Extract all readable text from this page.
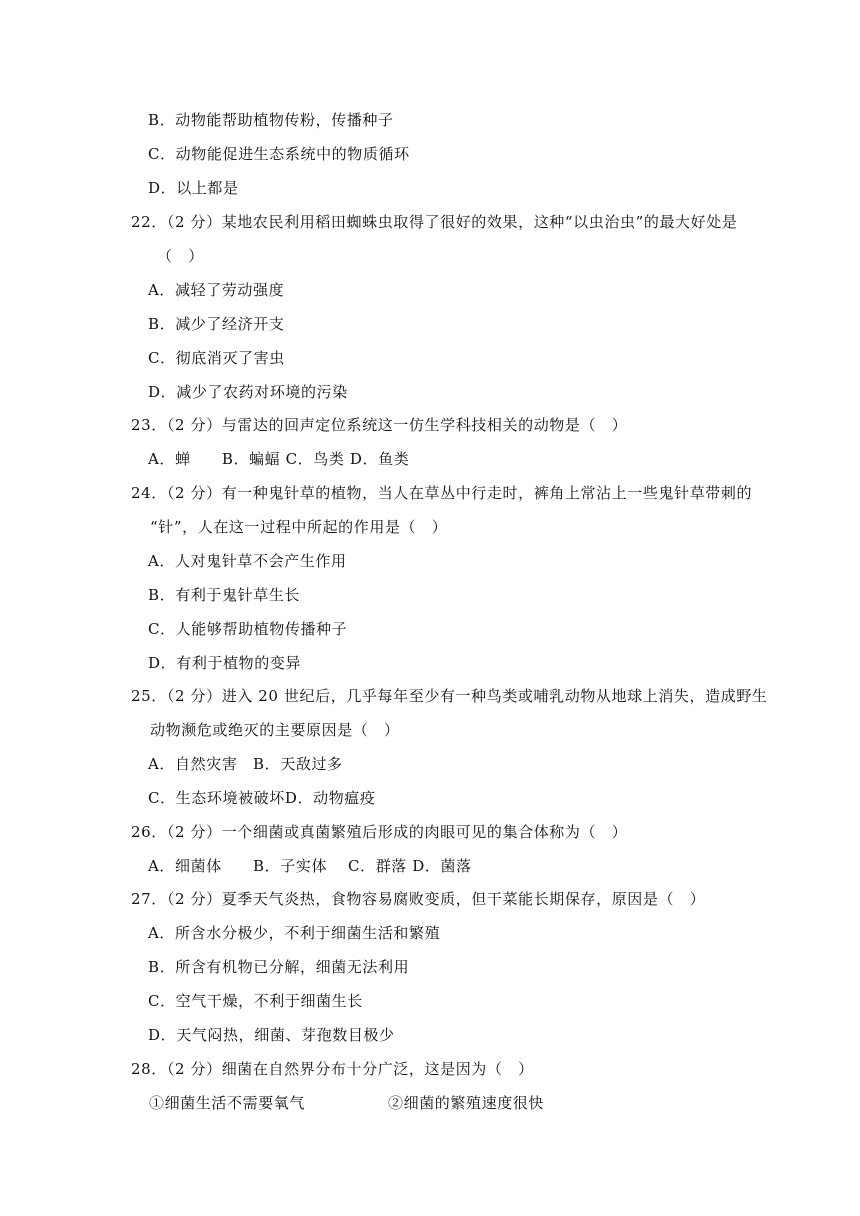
B．动物能帮助植物传粉，传播种子
C．动物能促进生态系统中的物质循环
D．以上都是
22．（2 分）某地农民利用稻田蜘蛛虫取得了很好的效果，这种“以虫治虫”的最大好处是
（　）
A．减轻了劳动强度
B．减少了经济开支
C．彻底消灭了害虫
D．减少了农药对环境的污染
23．（2 分）与雷达的回声定位系统这一仿生学科技相关的动物是（　）
A．蝉　　B．蝙蝠 C．鸟类 D．鱼类
24．（2 分）有一种鬼针草的植物，当人在草丛中行走时，裤角上常沾上一些鬼针草带刺的
“针”，人在这一过程中所起的作用是（　）
A．人对鬼针草不会产生作用
B．有利于鬼针草生长
C．人能够帮助植物传播种子
D．有利于植物的变异
25．（2 分）进入 20 世纪后，几乎每年至少有一种鸟类或哺乳动物从地球上消失，造成野生
动物濒危或绝灭的主要原因是（　）
A．自然灾害　B．天敌过多
C．生态环境被破坏D．动物瘟疫
26．（2 分）一个细菌或真菌繁殖后形成的肉眼可见的集合体称为（　）
A．细菌体　　B．子实体　 C．群落 D．菌落
27．（2 分）夏季天气炎热，食物容易腐败变质，但干菜能长期保存，原因是（　）
A．所含水分极少，不利于细菌生活和繁殖
B．所含有机物已分解，细菌无法利用
C．空气干燥，不利于细菌生长
D．天气闷热，细菌、芽孢数目极少
28．（2 分）细菌在自然界分布十分广泛，这是因为（　）
①细菌生活不需要氧气	②细菌的繁殖速度很快
